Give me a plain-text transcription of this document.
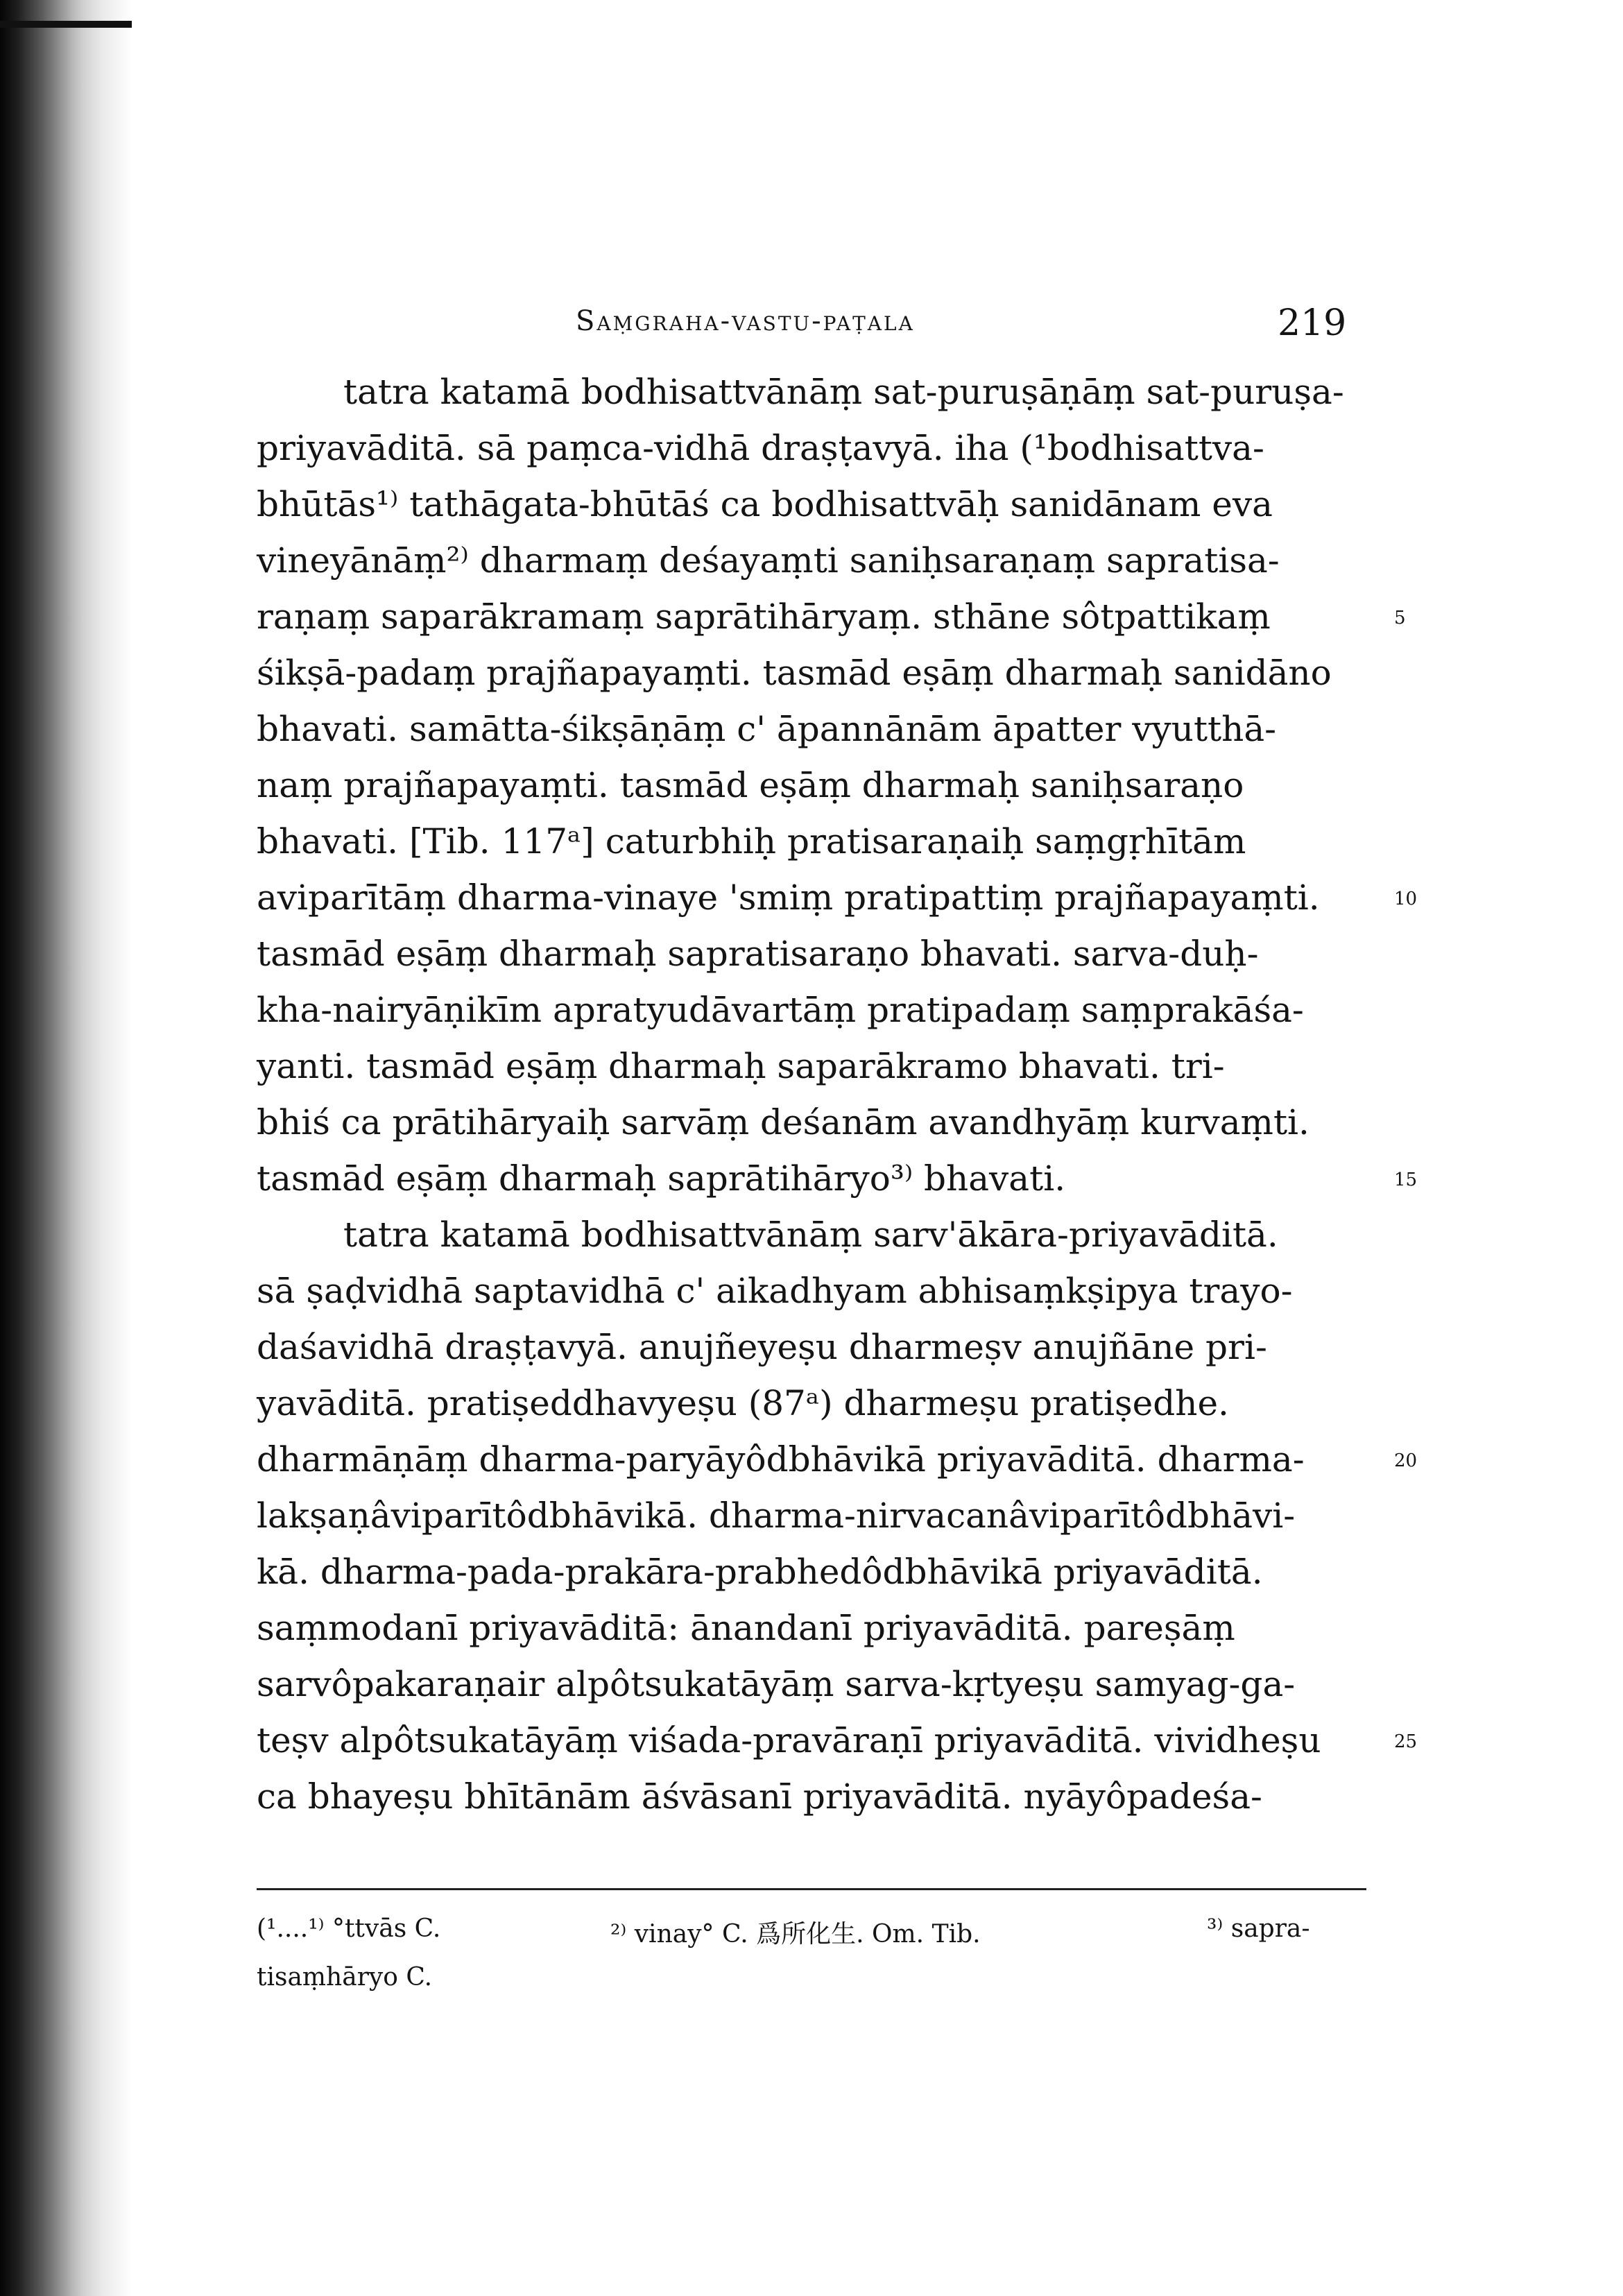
Saṃgraha-vastu-paṭala	219
tatra katamā bodhisattvānāṃ sat-puruṣāṇāṃ sat-puruṣa-
priyavāditā. sā paṃca-vidhā draṣṭavyā. iha (¹bodhisattva-
bhūtās¹⁾ tathāgata-bhūtāś ca bodhisattvāḥ sanidānam eva
vineyānāṃ²⁾ dharmaṃ deśayaṃti saniḥsaraṇaṃ sapratisa-
raṇaṃ saparākramaṃ saprātihāryaṃ. sthāne sôtpattikaṃ
śikṣā-padaṃ prajñapayaṃti. tasmād eṣāṃ dharmaḥ sanidāno
bhavati. samātta-śikṣāṇāṃ c' āpannānām āpatter vyutthā-
naṃ prajñapayaṃti. tasmād eṣāṃ dharmaḥ saniḥsaraṇo
bhavati. [Tib. 117ᵃ] caturbhiḥ pratisaraṇaiḥ saṃgṛhītām
aviparītāṃ dharma-vinaye 'smiṃ pratipattiṃ prajñapayaṃti.
tasmād eṣāṃ dharmaḥ sapratisaraṇo bhavati. sarva-duḥ-
kha-nairyāṇikīm apratyudāvartāṃ pratipadaṃ saṃprakāśa-
yanti. tasmād eṣāṃ dharmaḥ saparākramo bhavati. tri-
bhiś ca prātihāryaiḥ sarvāṃ deśanām avandhyāṃ kurvaṃti.
tasmād eṣāṃ dharmaḥ saprātihāryo³⁾ bhavati.
tatra katamā bodhisattvānāṃ sarv'ākāra-priyavāditā.
sā ṣaḍvidhā saptavidhā c' aikadhyam abhisaṃkṣipya trayo-
daśavidhā draṣṭavyā. anujñeyeṣu dharmeṣv anujñāne pri-
yavāditā. pratiṣeddhavyeṣu (87ᵃ) dharmeṣu pratiṣedhe.
dharmāṇāṃ dharma-paryāyôdbhāvikā priyavāditā. dharma-
lakṣaṇâviparītôdbhāvikā. dharma-nirvacanâviparītôdbhāvi-
kā. dharma-pada-prakāra-prabhedôdbhāvikā priyavāditā.
saṃmodanī priyavāditā: ānandanī priyavāditā. pareṣāṃ
sarvôpakaraṇair alpôtsukatāyāṃ sarva-kṛtyeṣu samyag-ga-
teṣv alpôtsukatāyāṃ viśada-pravāraṇī priyavāditā. vividheṣu
ca bhayeṣu bhītānām āśvāsanī priyavāditā. nyāyôpadeśa-
5
10
15
20
25
(¹....¹⁾ °ttvās C.	²⁾ vinay° C. 爲所化生. Om. Tib.	³⁾ sapra-
tisaṃhāryo C.
